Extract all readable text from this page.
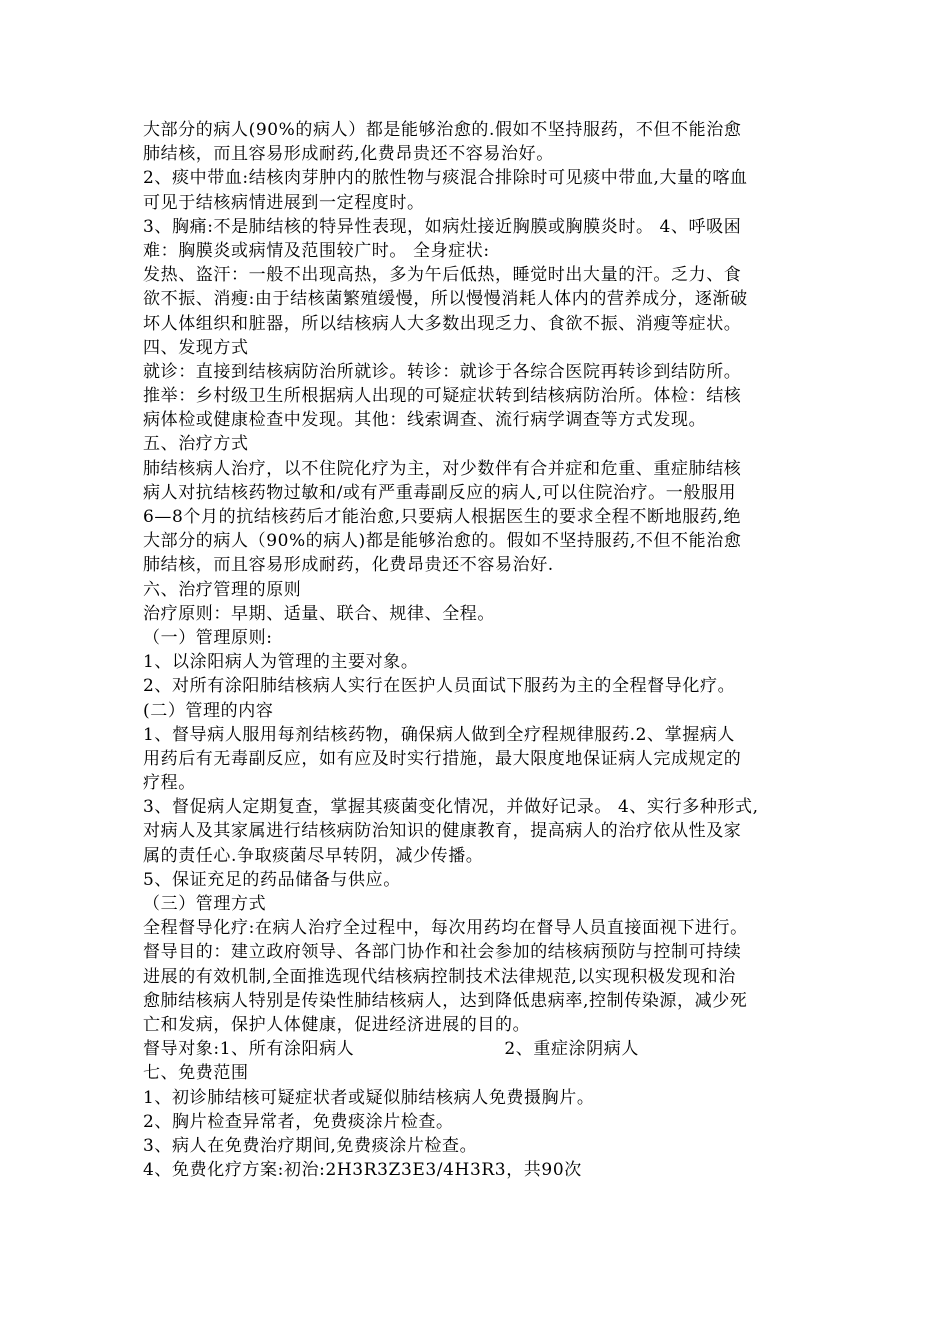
大部分的病人(90%的病人）都是能够治愈的.假如不坚持服药，不但不能治愈
肺结核，而且容易形成耐药,化费昂贵还不容易治好。
2、痰中带血:结核肉芽肿内的脓性物与痰混合排除时可见痰中带血,大量的喀血
可见于结核病情进展到一定程度时。
3、胸痛:不是肺结核的特异性表现，如病灶接近胸膜或胸膜炎时。 4、呼吸困
难：胸膜炎或病情及范围较广时。 全身症状:
发热、盗汗：一般不出现高热，多为午后低热，睡觉时出大量的汗。乏力、食
欲不振、消瘦:由于结核菌繁殖缓慢，所以慢慢消耗人体内的营养成分，逐渐破
坏人体组织和脏器，所以结核病人大多数出现乏力、食欲不振、消瘦等症状。
四、发现方式
就诊：直接到结核病防治所就诊。转诊：就诊于各综合医院再转诊到结防所。
推举：乡村级卫生所根据病人出现的可疑症状转到结核病防治所。体检：结核
病体检或健康检查中发现。其他：线索调查、流行病学调查等方式发现。
五、治疗方式
肺结核病人治疗，以不住院化疗为主，对少数伴有合并症和危重、重症肺结核
病人对抗结核药物过敏和/或有严重毒副反应的病人,可以住院治疗。一般服用
6—8个月的抗结核药后才能治愈,只要病人根据医生的要求全程不断地服药,绝
大部分的病人（90%的病人)都是能够治愈的。假如不坚持服药,不但不能治愈
肺结核，而且容易形成耐药，化费昂贵还不容易治好.
六、治疗管理的原则
治疗原则：早期、适量、联合、规律、全程。
（一）管理原则:
1、以涂阳病人为管理的主要对象。
2、对所有涂阳肺结核病人实行在医护人员面试下服药为主的全程督导化疗。
(二）管理的内容
1、督导病人服用每剂结核药物，确保病人做到全疗程规律服药.2、掌握病人
用药后有无毒副反应，如有应及时实行措施，最大限度地保证病人完成规定的
疗程。
3、督促病人定期复查，掌握其痰菌变化情况，并做好记录。 4、实行多种形式,
对病人及其家属进行结核病防治知识的健康教育，提高病人的治疗依从性及家
属的责任心.争取痰菌尽早转阴，减少传播。
5、保证充足的药品储备与供应。
（三）管理方式
全程督导化疗:在病人治疗全过程中，每次用药均在督导人员直接面视下进行。
督导目的：建立政府领导、各部门协作和社会参加的结核病预防与控制可持续
进展的有效机制,全面推选现代结核病控制技术法律规范,以实现积极发现和治
愈肺结核病人特别是传染性肺结核病人，达到降低患病率,控制传染源，减少死
亡和发病，保护人体健康，促进经济进展的目的。
督导对象:1、所有涂阳病人	2、重症涂阴病人
七、免费范围
1、初诊肺结核可疑症状者或疑似肺结核病人免费摄胸片。
2、胸片检查异常者，免费痰涂片检查。
3、病人在免费治疗期间,免费痰涂片检查。
4、免费化疗方案:初治:2H3R3Z3E3/4H3R3，共90次
